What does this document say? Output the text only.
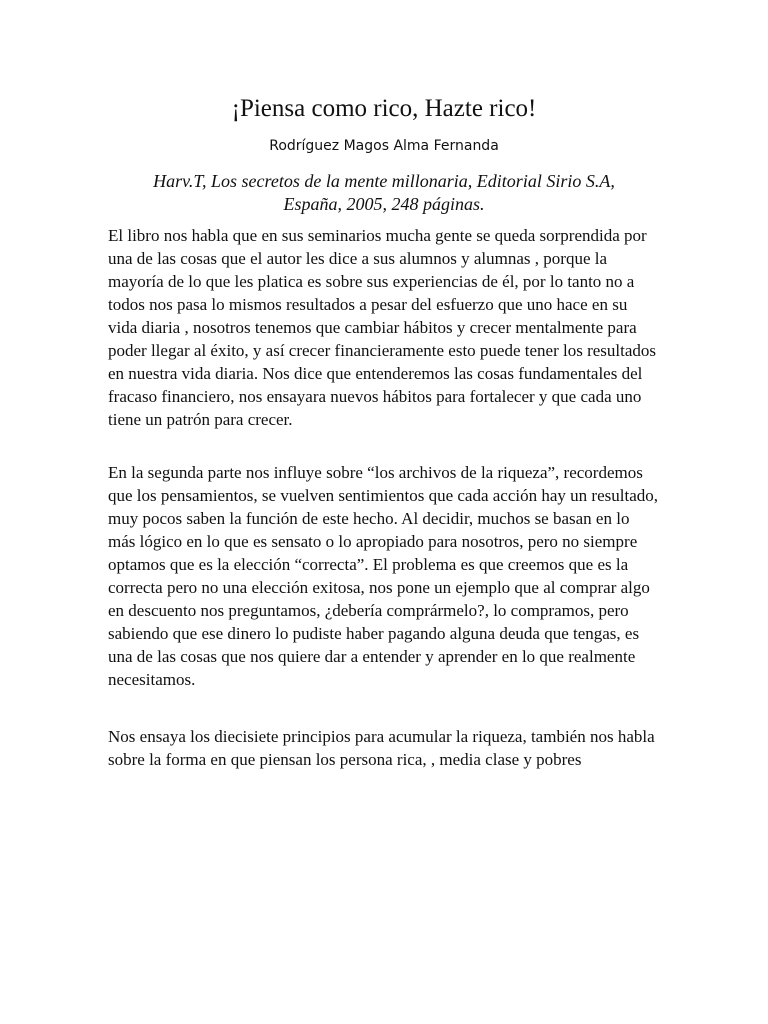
¡Piensa como rico, Hazte rico!
Rodríguez Magos Alma Fernanda
Harv.T, Los secretos de la mente millonaria, Editorial Sirio S.A, España, 2005, 248 páginas.

El libro nos habla que en sus seminarios mucha gente se queda sorprendida por una de las cosas que el autor les dice a sus alumnos y alumnas , porque la mayoría de lo que les platica es sobre sus experiencias de él, por lo tanto no a todos nos pasa lo mismos resultados a pesar del esfuerzo que uno hace en su vida diaria , nosotros tenemos que cambiar hábitos y crecer mentalmente para poder llegar al éxito, y así crecer financieramente esto puede tener los resultados en nuestra vida diaria. Nos dice que entenderemos las cosas fundamentales del fracaso financiero, nos ensayara nuevos hábitos para fortalecer y que cada uno tiene un patrón para crecer.

En la segunda parte nos influye sobre “los archivos de la riqueza”, recordemos que los pensamientos, se vuelven sentimientos que cada acción hay un resultado, muy pocos saben la función de este hecho. Al decidir, muchos se basan en lo más lógico en lo que es sensato o lo apropiado para nosotros, pero no siempre optamos que es la elección “correcta”. El problema es que creemos que es la correcta pero no una elección exitosa, nos pone un ejemplo que al comprar algo en descuento nos preguntamos, ¿debería comprármelo?, lo compramos, pero sabiendo que ese dinero lo pudiste haber pagando alguna deuda que tengas, es una de las cosas que nos quiere dar a entender y aprender en lo que realmente necesitamos.

Nos ensaya los diecisiete principios para acumular la riqueza, también nos habla sobre la forma en que piensan los persona rica, , media clase y pobres
